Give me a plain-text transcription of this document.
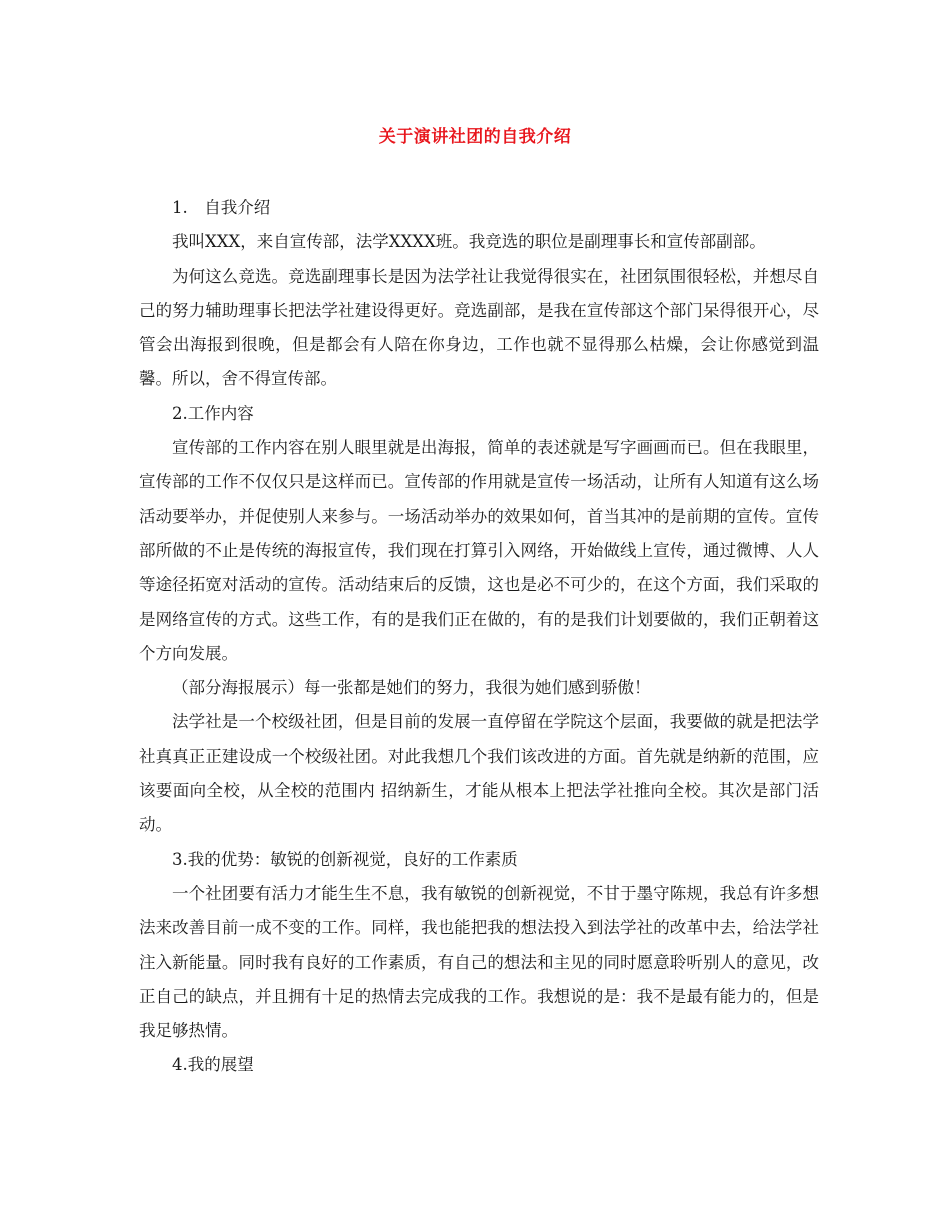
关于演讲社团的自我介绍

1.　自我介绍

我叫XXX，来自宣传部，法学XXXX班。我竞选的职位是副理事长和宣传部副部。

为何这么竞选。竞选副理事长是因为法学社让我觉得很实在，社团氛围很轻松，并想尽自己的努力辅助理事长把法学社建设得更好。竞选副部，是我在宣传部这个部门呆得很开心，尽管会出海报到很晚，但是都会有人陪在你身边，工作也就不显得那么枯燥，会让你感觉到温馨。所以，舍不得宣传部。

2.工作内容

宣传部的工作内容在别人眼里就是出海报，简单的表述就是写字画画而已。但在我眼里，宣传部的工作不仅仅只是这样而已。宣传部的作用就是宣传一场活动，让所有人知道有这么场活动要举办，并促使别人来参与。一场活动举办的效果如何，首当其冲的是前期的宣传。宣传部所做的不止是传统的海报宣传，我们现在打算引入网络，开始做线上宣传，通过微博、人人等途径拓宽对活动的宣传。活动结束后的反馈，这也是必不可少的，在这个方面，我们采取的是网络宣传的方式。这些工作，有的是我们正在做的，有的是我们计划要做的，我们正朝着这个方向发展。

（部分海报展示）每一张都是她们的努力，我很为她们感到骄傲！

法学社是一个校级社团，但是目前的发展一直停留在学院这个层面，我要做的就是把法学社真真正正建设成一个校级社团。对此我想几个我们该改进的方面。首先就是纳新的范围，应该要面向全校，从全校的范围内 招纳新生，才能从根本上把法学社推向全校。其次是部门活动。

3.我的优势：敏锐的创新视觉，良好的工作素质

一个社团要有活力才能生生不息，我有敏锐的创新视觉，不甘于墨守陈规，我总有许多想法来改善目前一成不变的工作。同样，我也能把我的想法投入到法学社的改革中去，给法学社注入新能量。同时我有良好的工作素质，有自己的想法和主见的同时愿意聆听别人的意见，改正自己的缺点，并且拥有十足的热情去完成我的工作。我想说的是：我不是最有能力的，但是我足够热情。

4.我的展望
